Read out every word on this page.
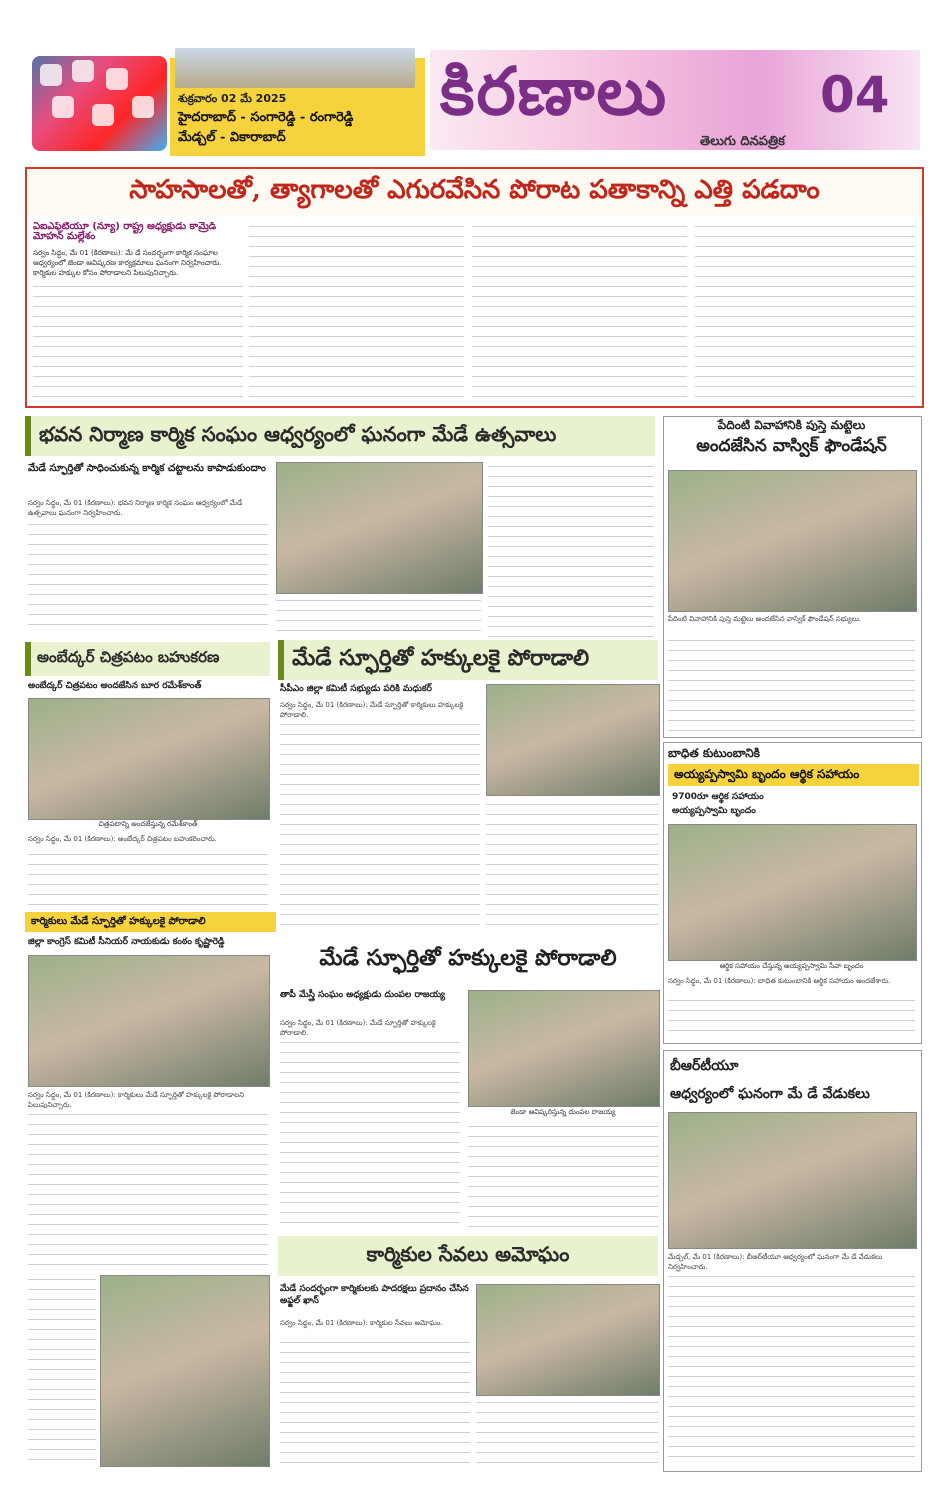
శుక్రవారం 02 మే 2025
హైదరాబాద్ - సంగారెడ్డి - రంగారెడ్డి
మేడ్చల్ - వికారాబాద్
కిరణాలు	04
తెలుగు దినపత్రిక
సాహసాలతో, త్యాగాలతో ఎగురవేసిన పోరాట పతాకాన్ని ఎత్తి పడదాం
ఏఐఎఫ్‌టీయూ (న్యూ) రాష్ట్ర అధ్యక్షుడు కామ్రేడ్ మోహన్ మల్లేశం
సర్వం సిద్ధం, మే 01 (కిరణాలు): మే డే సందర్భంగా కార్మిక సంఘాల ఆధ్వర్యంలో జెండా ఆవిష్కరణ కార్యక్రమాలు ఘనంగా నిర్వహించారు. కార్మికుల హక్కుల కోసం పోరాడాలని పిలుపునిచ్చారు.
భవన నిర్మాణ కార్మిక సంఘం ఆధ్వర్యంలో ఘనంగా మేడే ఉత్సవాలు
మేడే స్ఫూర్తితో సాధించుకున్న కార్మిక చట్టాలను కాపాడుకుందాం
సర్వం సిద్ధం, మే 01 (కిరణాలు): భవన నిర్మాణ కార్మిక సంఘం ఆధ్వర్యంలో మేడే ఉత్సవాలు ఘనంగా నిర్వహించారు.
పేదింటి వివాహానికి పుస్తె మట్టెలు
అందజేసిన వాస్విక్ ఫౌండేషన్
పేదింటి వివాహానికి పుస్తె మట్టెలు అందజేసిన వాస్విక్ ఫౌండేషన్ సభ్యులు.
అంబేద్కర్ చిత్రపటం బహుకరణ
అంబేద్కర్ చిత్రపటం అందజేసిన బూర రమేశ్‌కాంత్
చిత్రపటాన్ని అందజేస్తున్న రమేశ్‌కాంత్
సర్వం సిద్ధం, మే 01 (కిరణాలు): అంబేద్కర్ చిత్రపటం బహుకరించారు.
కార్మికులు మేడే స్ఫూర్తితో హక్కులకై పోరాడాలి
జిల్లా కాంగ్రెస్ కమిటీ సీనియర్ నాయకుడు కంఠం కృష్ణారెడ్డి
సర్వం సిద్ధం, మే 01 (కిరణాలు): కార్మికులు మేడే స్ఫూర్తితో హక్కులకై పోరాడాలని పిలుపునిచ్చారు.
మేడే స్ఫూర్తితో హక్కులకై పోరాడాలి
సీపీఎం జిల్లా కమిటీ సభ్యుడు పరికి మధుకర్
సర్వం సిద్ధం, మే 01 (కిరణాలు): మేడే స్ఫూర్తితో కార్మికులు హక్కులకై పోరాడాలి.
బాధిత కుటుంబానికి
అయ్యప్పస్వామి బృందం ఆర్థిక సహాయం
9700రూ ఆర్థిక సహాయం
అయ్యప్పస్వామి బృందం
ఆర్థిక సహాయం చేస్తున్న అయ్యప్పస్వామి సేవా బృందం
సర్వం సిద్ధం, మే 01 (కిరణాలు): బాధిత కుటుంబానికి ఆర్థిక సహాయం అందజేశారు.
మేడే స్ఫూర్తితో హక్కులకై పోరాడాలి
తాపీ మేస్త్రీ సంఘం అధ్యక్షుడు దుంపల రాజయ్య
సర్వం సిద్ధం, మే 01 (కిరణాలు): మేడే స్ఫూర్తితో హక్కులకై పోరాడాలి.
జెండా ఆవిష్కరిస్తున్న దుంపల రాజయ్య
బీఆర్‌టీయూ
ఆధ్వర్యంలో ఘనంగా మే డే వేడుకలు
మేడ్చల్, మే 01 (కిరణాలు): బీఆర్‌టీయూ ఆధ్వర్యంలో ఘనంగా మే డే వేడుకలు నిర్వహించారు.
కార్మికుల సేవలు అమోఘం
మేడే సందర్భంగా కార్మికులకు పాదరక్షలు ప్రదానం చేసిన అఫ్జల్ ఖాన్
సర్వం సిద్ధం, మే 01 (కిరణాలు): కార్మికుల సేవలు అమోఘం.
